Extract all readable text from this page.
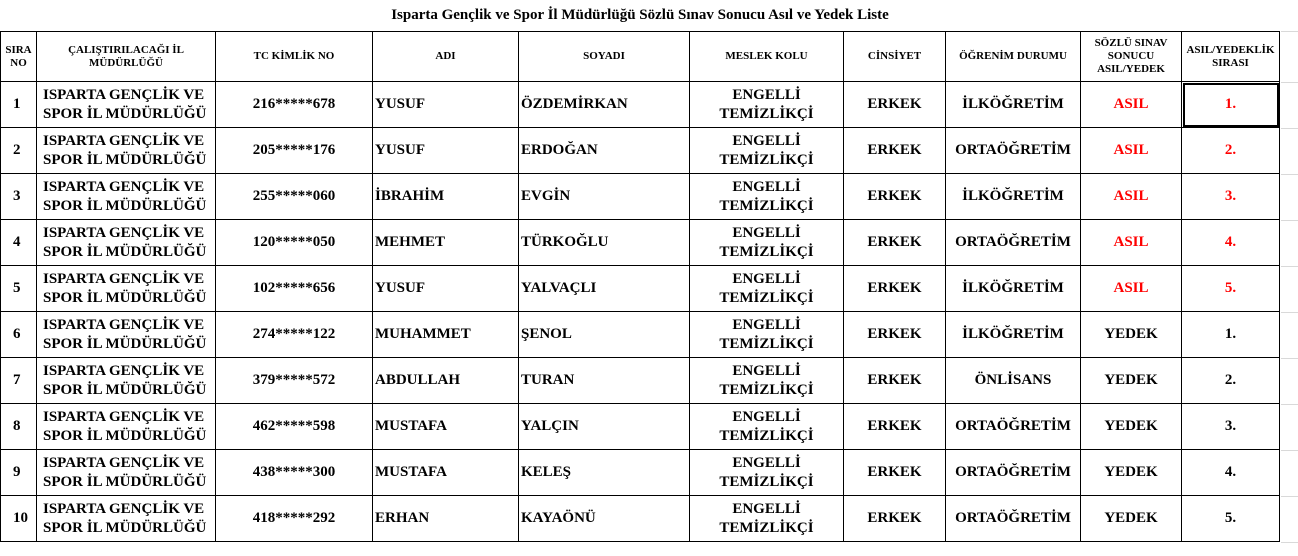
Isparta Gençlik ve Spor İl Müdürlüğü Sözlü Sınav Sonucu Asıl ve Yedek Liste									
SIRA NO	ÇALIŞTIRILACAĞI İL MÜDÜRLÜĞÜ	TC KİMLİK NO	ADI	SOYADI	MESLEK KOLU	CİNSİYET	ÖĞRENİM DURUMU	SÖZLÜ SINAV SONUCU ASIL/YEDEK	ASIL/YEDEKLİK SIRASI
1	ISPARTA GENÇLİK VE SPOR İL MÜDÜRLÜĞÜ	216*****678	YUSUF	ÖZDEMİRKAN	ENGELLİ TEMİZLİKÇİ	ERKEK	İLKÖĞRETİM	ASIL	1.
2	ISPARTA GENÇLİK VE SPOR İL MÜDÜRLÜĞÜ	205*****176	YUSUF	ERDOĞAN	ENGELLİ TEMİZLİKÇİ	ERKEK	ORTAÖĞRETİM	ASIL	2.
3	ISPARTA GENÇLİK VE SPOR İL MÜDÜRLÜĞÜ	255*****060	İBRAHİM	EVGİN	ENGELLİ TEMİZLİKÇİ	ERKEK	İLKÖĞRETİM	ASIL	3.
4	ISPARTA GENÇLİK VE SPOR İL MÜDÜRLÜĞÜ	120*****050	MEHMET	TÜRKOĞLU	ENGELLİ TEMİZLİKÇİ	ERKEK	ORTAÖĞRETİM	ASIL	4.
5	ISPARTA GENÇLİK VE SPOR İL MÜDÜRLÜĞÜ	102*****656	YUSUF	YALVAÇLI	ENGELLİ TEMİZLİKÇİ	ERKEK	İLKÖĞRETİM	ASIL	5.
6	ISPARTA GENÇLİK VE SPOR İL MÜDÜRLÜĞÜ	274*****122	MUHAMMET	ŞENOL	ENGELLİ TEMİZLİKÇİ	ERKEK	İLKÖĞRETİM	YEDEK	1.
7	ISPARTA GENÇLİK VE SPOR İL MÜDÜRLÜĞÜ	379*****572	ABDULLAH	TURAN	ENGELLİ TEMİZLİKÇİ	ERKEK	ÖNLİSANS	YEDEK	2.
8	ISPARTA GENÇLİK VE SPOR İL MÜDÜRLÜĞÜ	462*****598	MUSTAFA	YALÇIN	ENGELLİ TEMİZLİKÇİ	ERKEK	ORTAÖĞRETİM	YEDEK	3.
9	ISPARTA GENÇLİK VE SPOR İL MÜDÜRLÜĞÜ	438*****300	MUSTAFA	KELEŞ	ENGELLİ TEMİZLİKÇİ	ERKEK	ORTAÖĞRETİM	YEDEK	4.
10	ISPARTA GENÇLİK VE SPOR İL MÜDÜRLÜĞÜ	418*****292	ERHAN	KAYAÖNÜ	ENGELLİ TEMİZLİKÇİ	ERKEK	ORTAÖĞRETİM	YEDEK	5.
